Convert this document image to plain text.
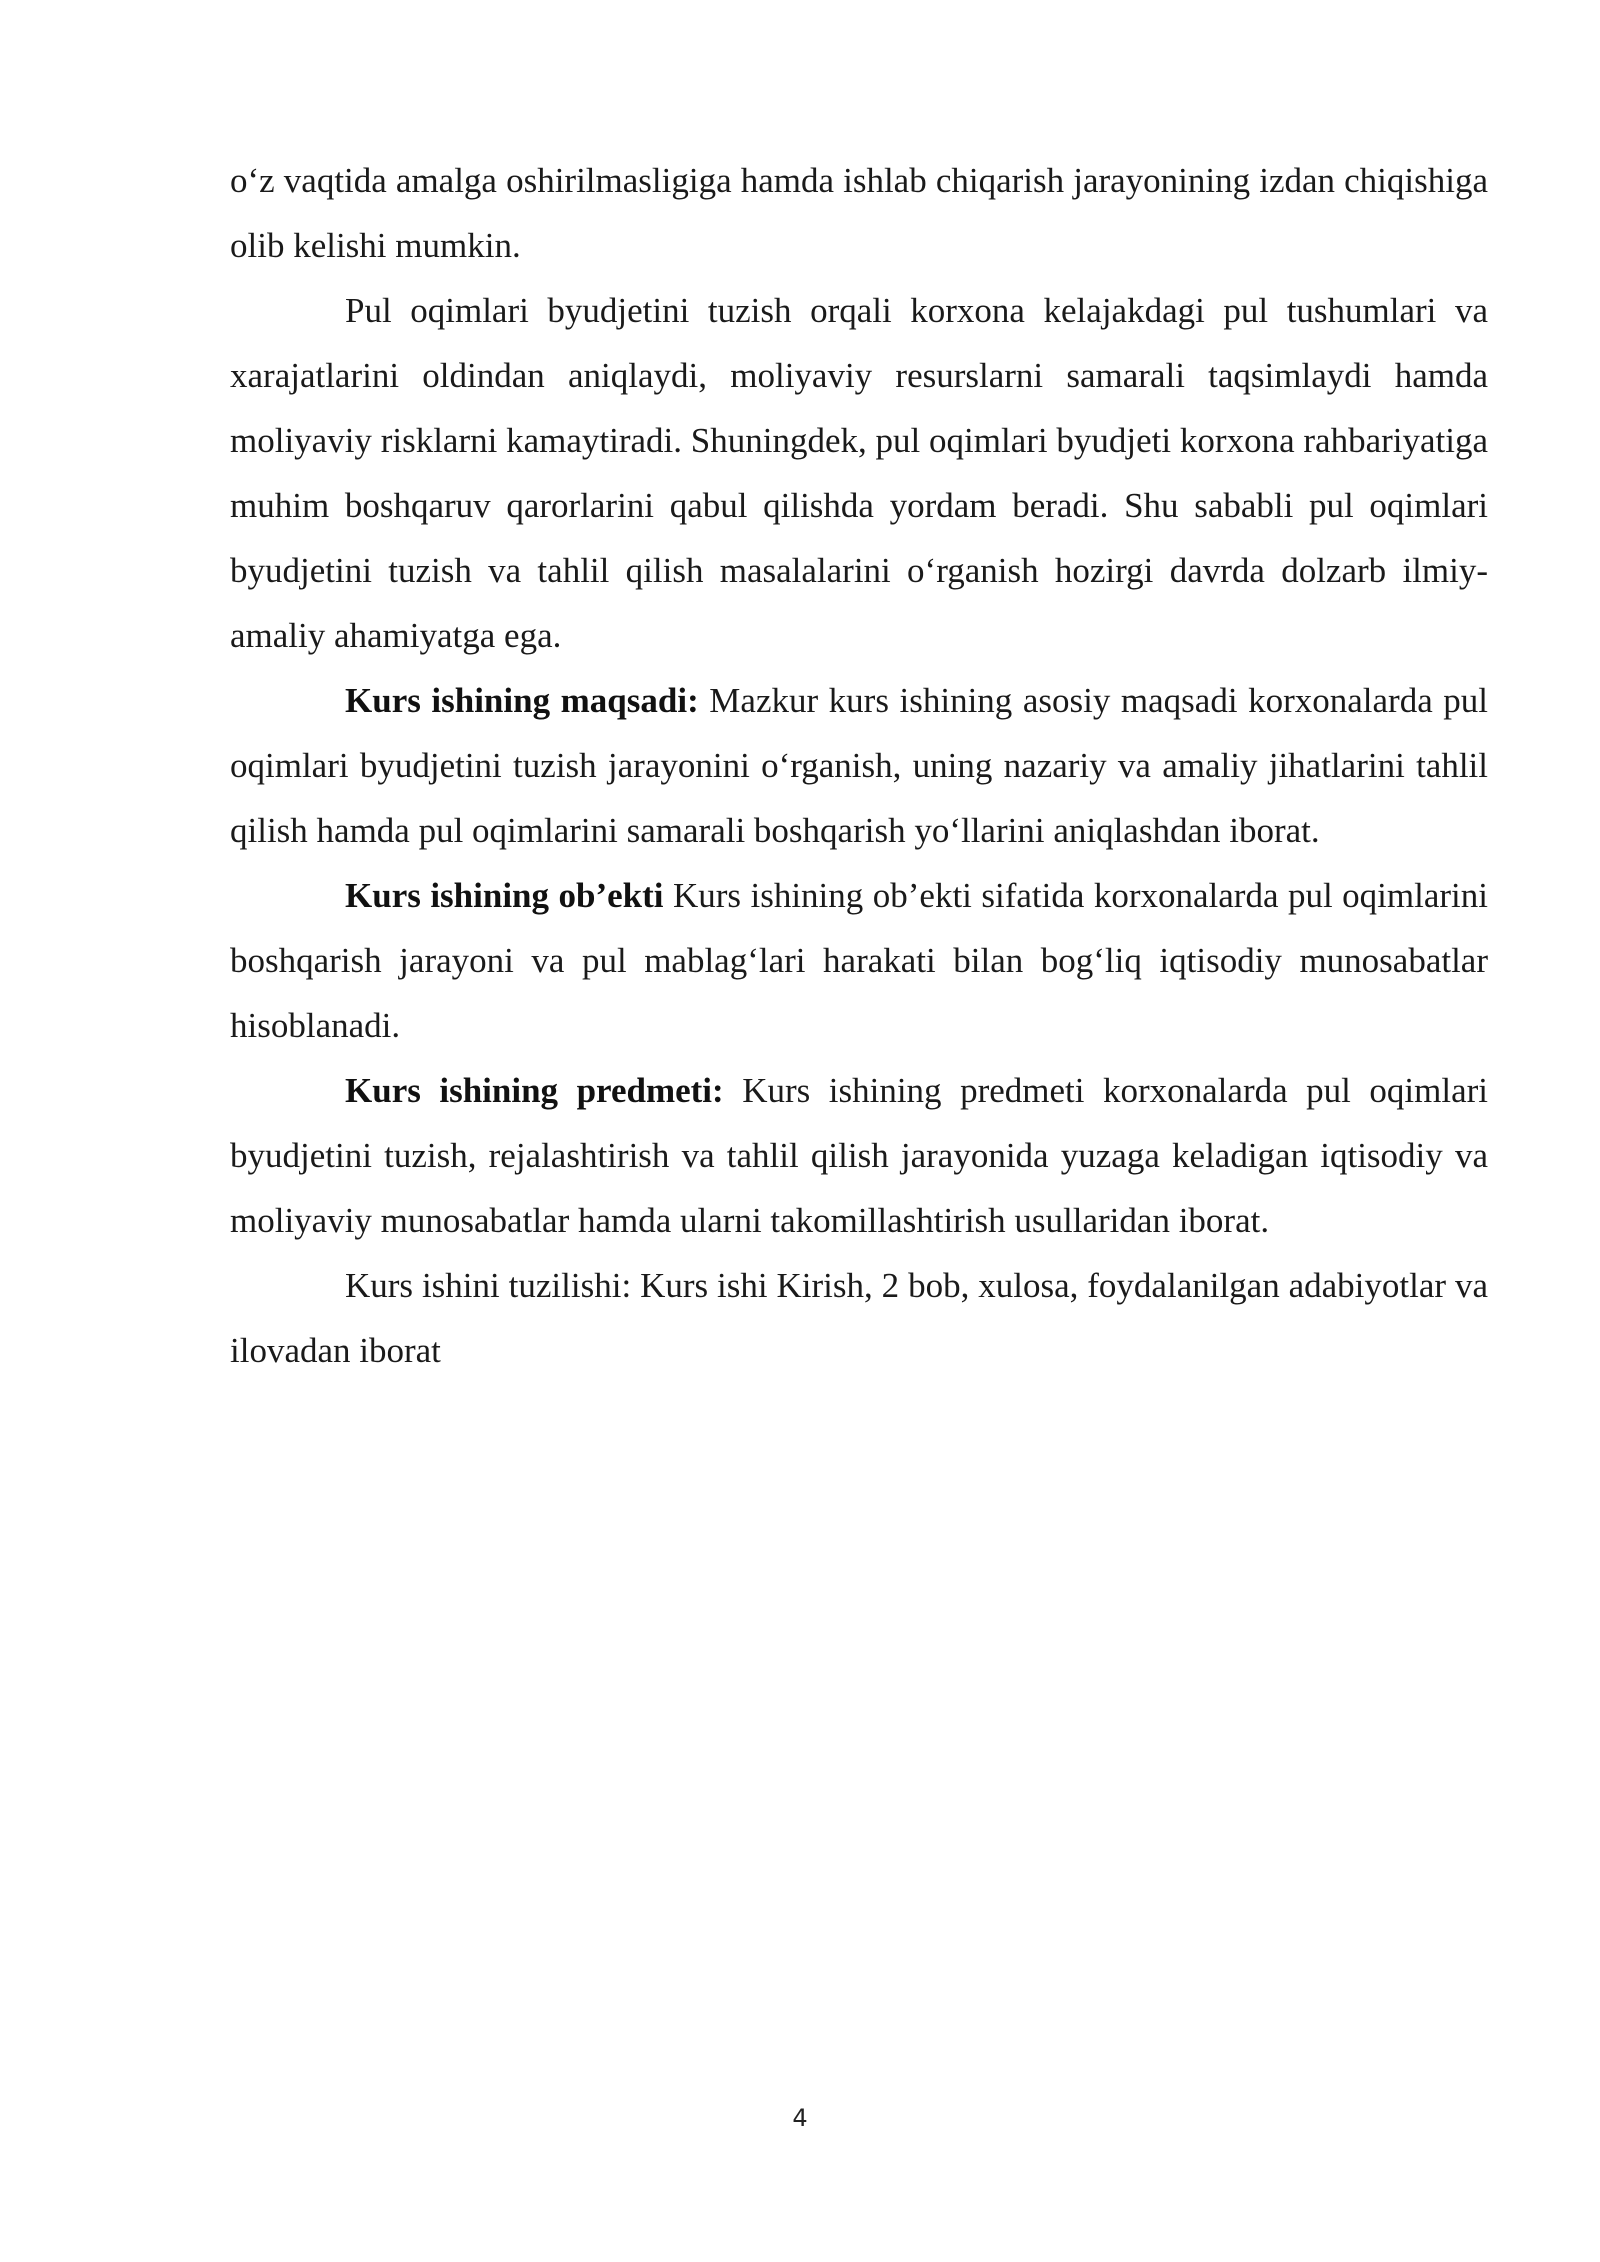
o‘z vaqtida amalga oshirilmasligiga hamda ishlab chiqarish jarayonining izdan chiqishiga olib kelishi mumkin.

Pul oqimlari byudjetini tuzish orqali korxona kelajakdagi pul tushumlari va xarajatlarini oldindan aniqlaydi, moliyaviy resurslarni samarali taqsimlaydi hamda moliyaviy risklarni kamaytiradi. Shuningdek, pul oqimlari byudjeti korxona rahbariyatiga muhim boshqaruv qarorlarini qabul qilishda yordam beradi. Shu sababli pul oqimlari byudjetini tuzish va tahlil qilish masalalarini o‘rganish hozirgi davrda dolzarb ilmiy-amaliy ahamiyatga ega.

Kurs ishining maqsadi: Mazkur kurs ishining asosiy maqsadi korxonalarda pul oqimlari byudjetini tuzish jarayonini o‘rganish, uning nazariy va amaliy jihatlarini tahlil qilish hamda pul oqimlarini samarali boshqarish yo‘llarini aniqlashdan iborat.

Kurs ishining ob’ekti Kurs ishining ob’ekti sifatida korxonalarda pul oqimlarini boshqarish jarayoni va pul mablag‘lari harakati bilan bog‘liq iqtisodiy munosabatlar hisoblanadi.

Kurs ishining predmeti: Kurs ishining predmeti korxonalarda pul oqimlari byudjetini tuzish, rejalashtirish va tahlil qilish jarayonida yuzaga keladigan iqtisodiy va moliyaviy munosabatlar hamda ularni takomillashtirish usullaridan iborat.

Kurs ishini tuzilishi: Kurs ishi Kirish, 2 bob, xulosa, foydalanilgan adabiyotlar va ilovadan iborat

4
